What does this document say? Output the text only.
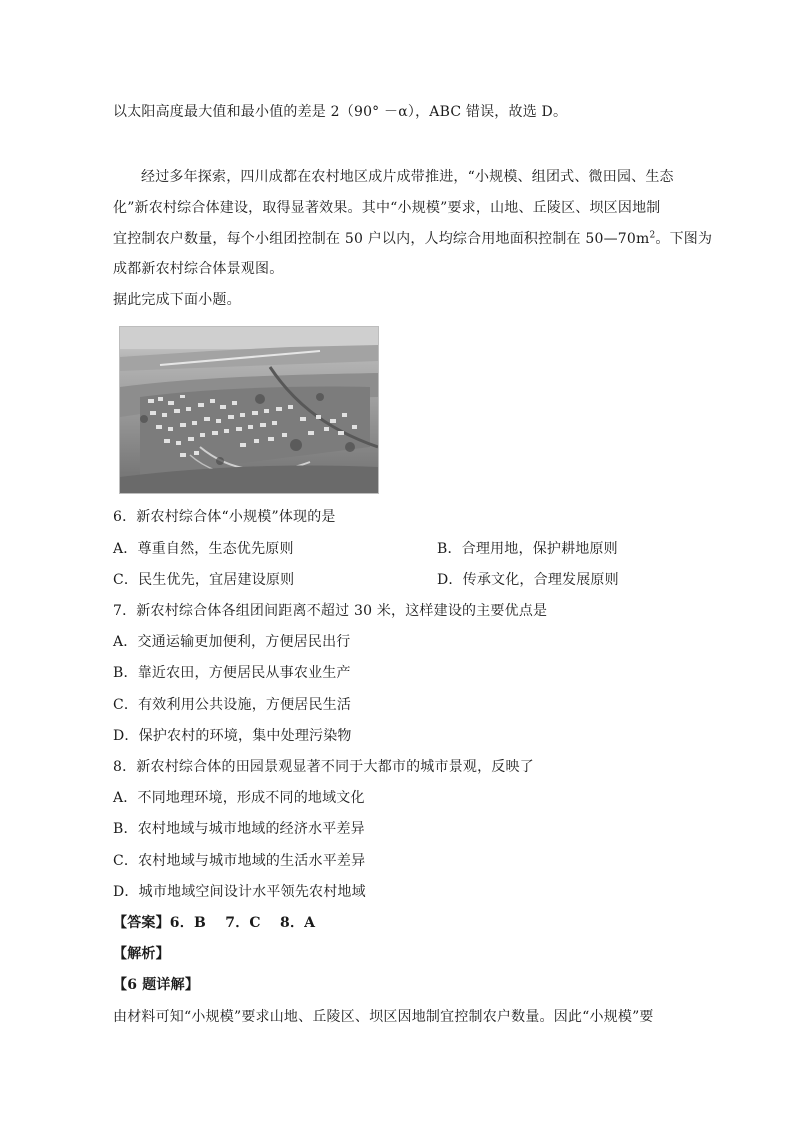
以太阳高度最大值和最小值的差是 2（90° －α），ABC 错误，故选 D。
经过多年探索，四川成都在农村地区成片成带推进，“小规模、组团式、微田园、生态
化”新农村综合体建设，取得显著效果。其中“小规模”要求，山地、丘陵区、坝区因地制
宜控制农户数量，每个小组团控制在 50 户以内，人均综合用地面积控制在 $50—70m^2$。下图为
成都新农村综合体景观图。
据此完成下面小题。
6．新农村综合体“小规模”体现的是
A．尊重自然，生态优先原则	B．合理用地，保护耕地原则
C．民生优先，宜居建设原则	D．传承文化，合理发展原则
7．新农村综合体各组团间距离不超过 30 米，这样建设的主要优点是
A．交通运输更加便利，方便居民出行
B．靠近农田，方便居民从事农业生产
C．有效利用公共设施，方便居民生活
D．保护农村的环境，集中处理污染物
8．新农村综合体的田园景观显著不同于大都市的城市景观，反映了
A．不同地理环境，形成不同的地域文化
B．农村地域与城市地域的经济水平差异
C．农村地域与城市地域的生活水平差异
D．城市地域空间设计水平领先农村地域
【答案】6．B　 7．C　 8．A
【解析】
【6 题详解】
由材料可知“小规模”要求山地、丘陵区、坝区因地制宜控制农户数量。因此“小规模”要
